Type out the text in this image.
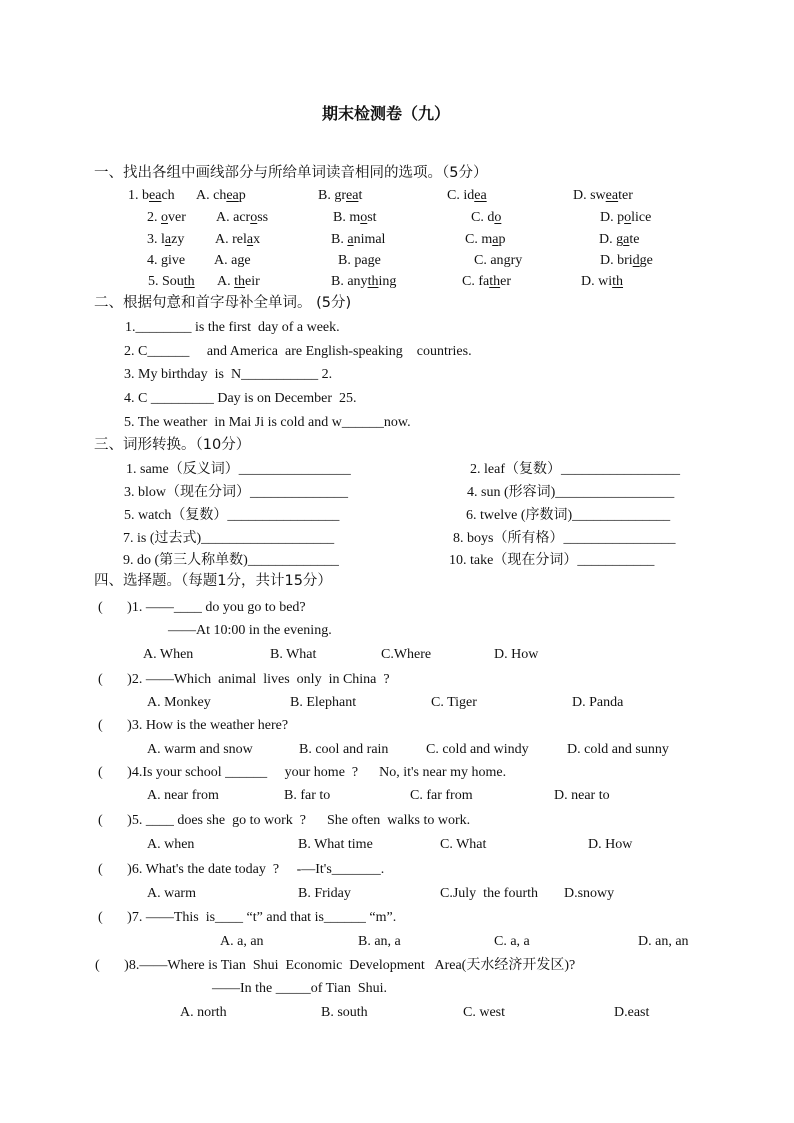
期末检测卷（九）
一、找出各组中画线部分与所给单词读音相同的选项。（5分）
1. beach A. cheap	B. great	C. idea	D. sweater
2. over A. across	B. most	C. do	D. police
3. lazy A. relax	B. animal	C. map	D. gate
4. give A. age	B. page	C. angry	D. bridge
5. South A. their	B. anything	C. father	D. with
二、根据句意和首字母补全单词。 (5分)
1.________ is the first  day of a week.
2. C______     and America  are English-speaking    countries.
3. My birthday  is  N___________ 2.
4. C _________ Day is on December  25.
5. The weather  in Mai Ji is cold and w______now.
三、词形转换。（10分）
1. same（反义词）________________	2. leaf（复数）_________________
3. blow（现在分词）______________	4. sun (形容词)_________________
5. watch（复数）________________	6. twelve (序数词)______________
7. is (过去式)___________________	8. boys（所有格）________________
9. do (第三人称单数)_____________	10. take（现在分词）___________
四、选择题。（每题1分，共计15分）
(       )1. ——____ do you go to bed?
——At 10:00 in the evening.
A. When	B. What	C.Where	D. How
(       )2. ——Which  animal  lives  only  in China  ?
A. Monkey	B. Elephant	C. Tiger	D. Panda
(       )3. How is the weather here?
A. warm and snow	B. cool and rain	C. cold and windy	D. cold and sunny
(       )4.Is your school ______     your home  ?      No, it's near my home.
A. near from	B. far to	C. far from	D. near to
(       )5. ____ does she  go to work  ?      She often  walks to work.
A. when	B. What time	C. What	D. How
(       )6. What's the date today  ?     -—It's_______.
A. warm	B. Friday	C.July  the fourth D.snowy
(       )7. ——This  is____ “t” and that is______ “m”.
A. a, an	B. an, a	C. a, a	D. an, an
(       )8.——Where is Tian  Shui  Economic  Development   Area(天水经济开发区)?
——In the _____of Tian  Shui.
A. north	B. south	C. west	D.east
